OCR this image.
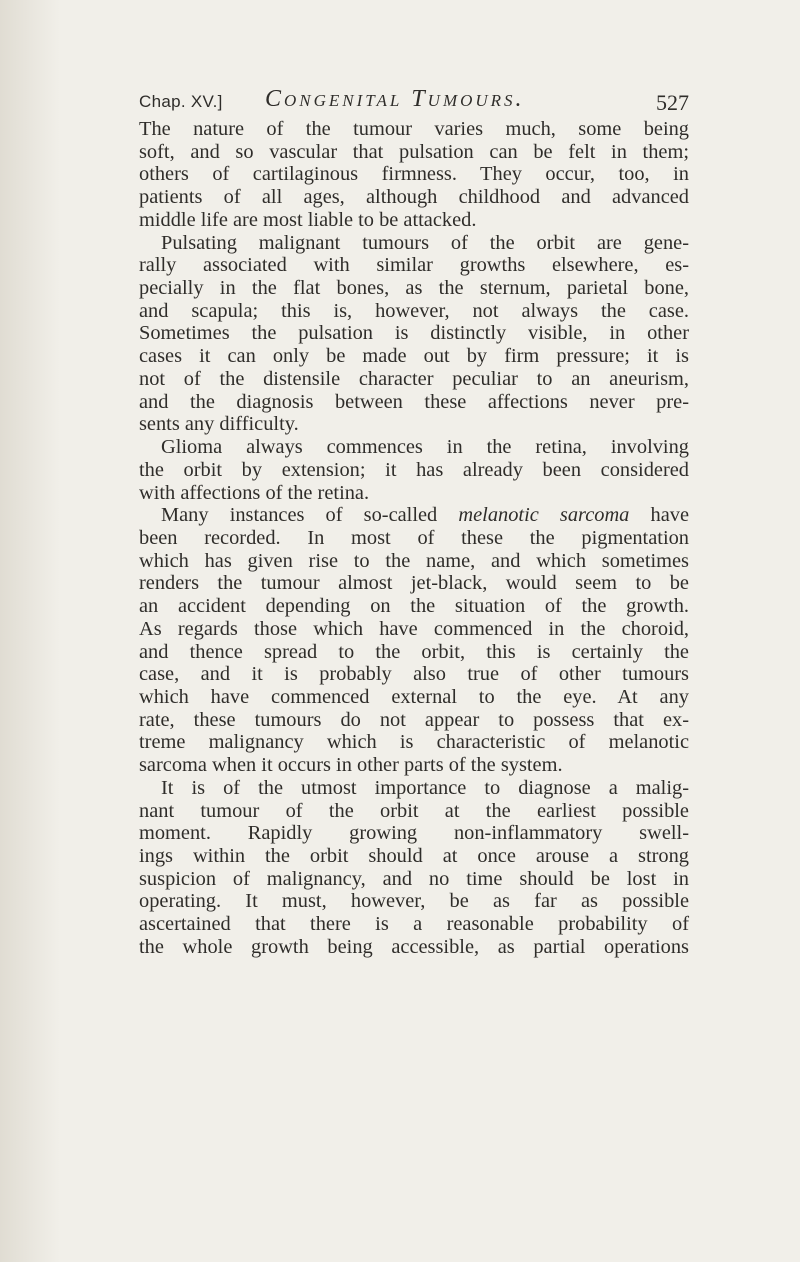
Chap. XV.] Congenital Tumours.	527
The nature of the tumour varies much, some being
soft, and so vascular that pulsation can be felt in them;
others of cartilaginous firmness. They occur, too, in
patients of all ages, although childhood and advanced
middle life are most liable to be attacked.
Pulsating malignant tumours of the orbit are gene-
rally associated with similar growths elsewhere, es-
pecially in the flat bones, as the sternum, parietal bone,
and scapula; this is, however, not always the case.
Sometimes the pulsation is distinctly visible, in other
cases it can only be made out by firm pressure; it is
not of the distensile character peculiar to an aneurism,
and the diagnosis between these affections never pre-
sents any difficulty.
Glioma always commences in the retina, involving
the orbit by extension; it has already been considered
with affections of the retina.
Many instances of so-called melanotic sarcoma have
been recorded. In most of these the pigmentation
which has given rise to the name, and which sometimes
renders the tumour almost jet-black, would seem to be
an accident depending on the situation of the growth.
As regards those which have commenced in the choroid,
and thence spread to the orbit, this is certainly the
case, and it is probably also true of other tumours
which have commenced external to the eye. At any
rate, these tumours do not appear to possess that ex-
treme malignancy which is characteristic of melanotic
sarcoma when it occurs in other parts of the system.
It is of the utmost importance to diagnose a malig-
nant tumour of the orbit at the earliest possible
moment. Rapidly growing non-inflammatory swell-
ings within the orbit should at once arouse a strong
suspicion of malignancy, and no time should be lost in
operating. It must, however, be as far as possible
ascertained that there is a reasonable probability of
the whole growth being accessible, as partial operations
